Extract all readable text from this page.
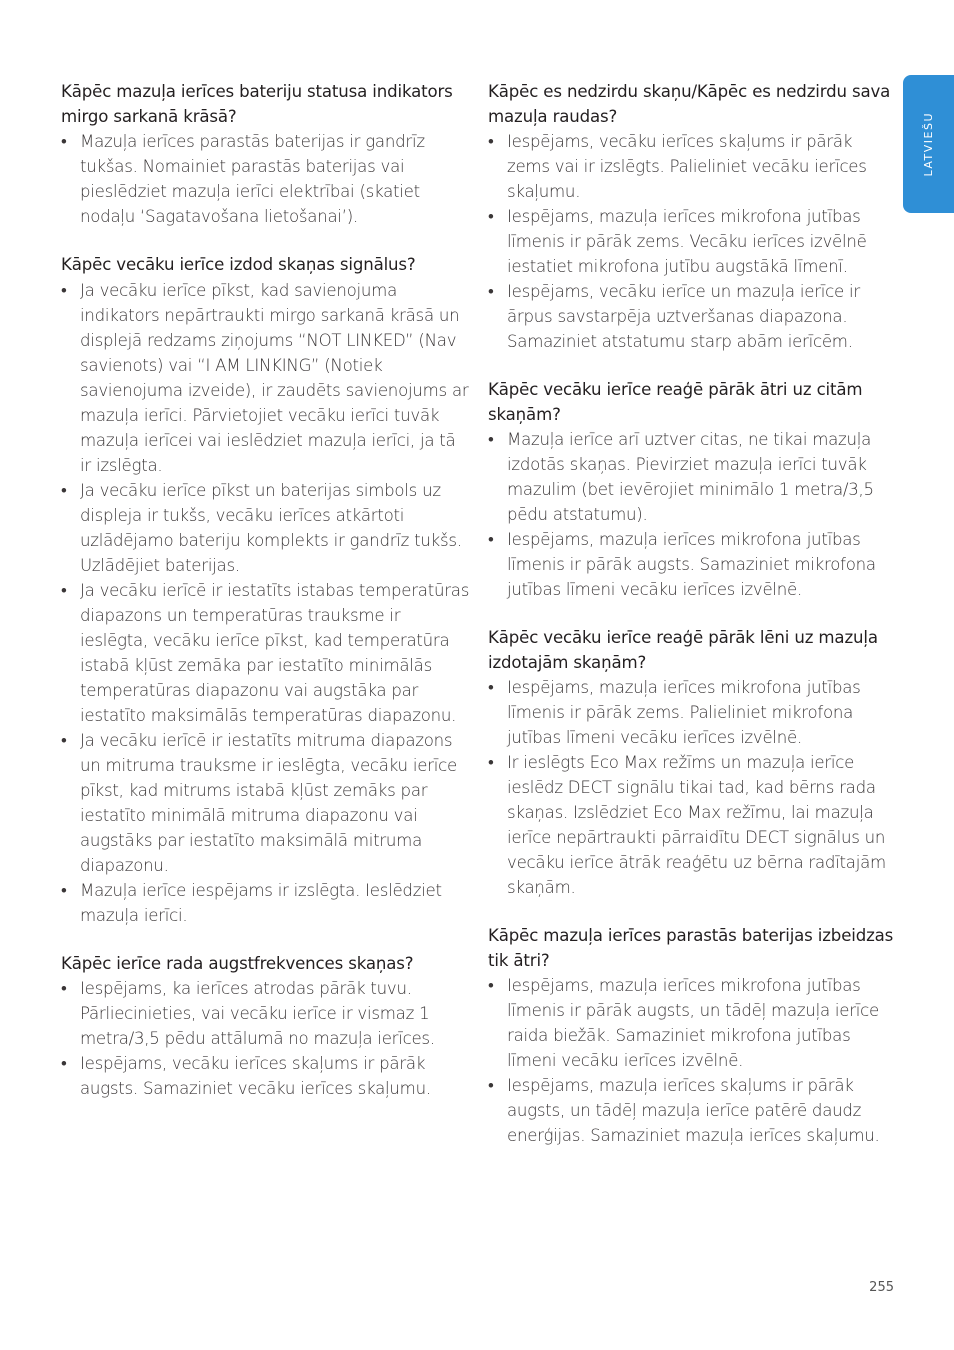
LATVIEŠU

Kāpēc mazuļa ierīces bateriju statusa indikators mirgo sarkanā krāsā?

• Mazuļa ierīces parastās baterijas ir gandrīz tukšas. Nomainiet parastās baterijas vai pieslēdziet mazuļa ierīci elektrībai (skatiet nodaļu ‘Sagatavošana lietošanai’).

Kāpēc vecāku ierīce izdod skaņas signālus?

• Ja vecāku ierīce pīkst, kad savienojuma indikators nepārtraukti mirgo sarkanā krāsā un displejā redzams ziņojums “NOT LINKED” (Nav savienots) vai “I AM LINKING” (Notiek savienojuma izveide), ir zaudēts savienojums ar mazuļa ierīci. Pārvietojiet vecāku ierīci tuvāk mazuļa ierīcei vai ieslēdziet mazuļa ierīci, ja tā ir izslēgta.
• Ja vecāku ierīce pīkst un baterijas simbols uz displeja ir tukšs, vecāku ierīces atkārtoti uzlādējamo bateriju komplekts ir gandrīz tukšs. Uzlādējiet baterijas.
• Ja vecāku ierīcē ir iestatīts istabas temperatūras diapazons un temperatūras trauksme ir ieslēgta, vecāku ierīce pīkst, kad temperatūra istabā kļūst zemāka par iestatīto minimālās temperatūras diapazonu vai augstāka par iestatīto maksimālās temperatūras diapazonu.
• Ja vecāku ierīcē ir iestatīts mitruma diapazons un mitruma trauksme ir ieslēgta, vecāku ierīce pīkst, kad mitrums istabā kļūst zemāks par iestatīto minimālā mitruma diapazonu vai augstāks par iestatīto maksimālā mitruma diapazonu.
• Mazuļa ierīce iespējams ir izslēgta. Ieslēdziet mazuļa ierīci.

Kāpēc ierīce rada augstfrekvences skaņas?

• Iespējams, ka ierīces atrodas pārāk tuvu. Pārliecinieties, vai vecāku ierīce ir vismaz 1 metra/3,5 pēdu attālumā no mazuļa ierīces.
• Iespējams, vecāku ierīces skaļums ir pārāk augsts. Samaziniet vecāku ierīces skaļumu.

Kāpēc es nedzirdu skaņu/Kāpēc es nedzirdu sava mazuļa raudas?

• Iespējams, vecāku ierīces skaļums ir pārāk zems vai ir izslēgts. Palieliniet vecāku ierīces skaļumu.
• Iespējams, mazuļa ierīces mikrofona jutības līmenis ir pārāk zems. Vecāku ierīces izvēlnē iestatiet mikrofona jutību augstākā līmenī.
• Iespējams, vecāku ierīce un mazuļa ierīce ir ārpus savstarpēja uztveršanas diapazona. Samaziniet atstatumu starp abām ierīcēm.

Kāpēc vecāku ierīce reaģē pārāk ātri uz citām skaņām?

• Mazuļa ierīce arī uztver citas, ne tikai mazuļa izdotās skaņas. Pievirziet mazuļa ierīci tuvāk mazulim (bet ievērojiet minimālo 1 metra/3,5 pēdu atstatumu).
• Iespējams, mazuļa ierīces mikrofona jutības līmenis ir pārāk augsts. Samaziniet mikrofona jutības līmeni vecāku ierīces izvēlnē.

Kāpēc vecāku ierīce reaģē pārāk lēni uz mazuļa izdotajām skaņām?

• Iespējams, mazuļa ierīces mikrofona jutības līmenis ir pārāk zems. Palieliniet mikrofona jutības līmeni vecāku ierīces izvēlnē.
• Ir ieslēgts Eco Max režīms un mazuļa ierīce ieslēdz DECT signālu tikai tad, kad bērns rada skaņas. Izslēdziet Eco Max režīmu, lai mazuļa ierīce nepārtraukti pārraidītu DECT signālus un vecāku ierīce ātrāk reaģētu uz bērna radītajām skaņām.

Kāpēc mazuļa ierīces parastās baterijas izbeidzas tik ātri?

• Iespējams, mazuļa ierīces mikrofona jutības līmenis ir pārāk augsts, un tādēļ mazuļa ierīce raida biežāk. Samaziniet mikrofona jutības līmeni vecāku ierīces izvēlnē.
• Iespējams, mazuļa ierīces skaļums ir pārāk augsts, un tādēļ mazuļa ierīce patērē daudz enerģijas. Samaziniet mazuļa ierīces skaļumu.
255
